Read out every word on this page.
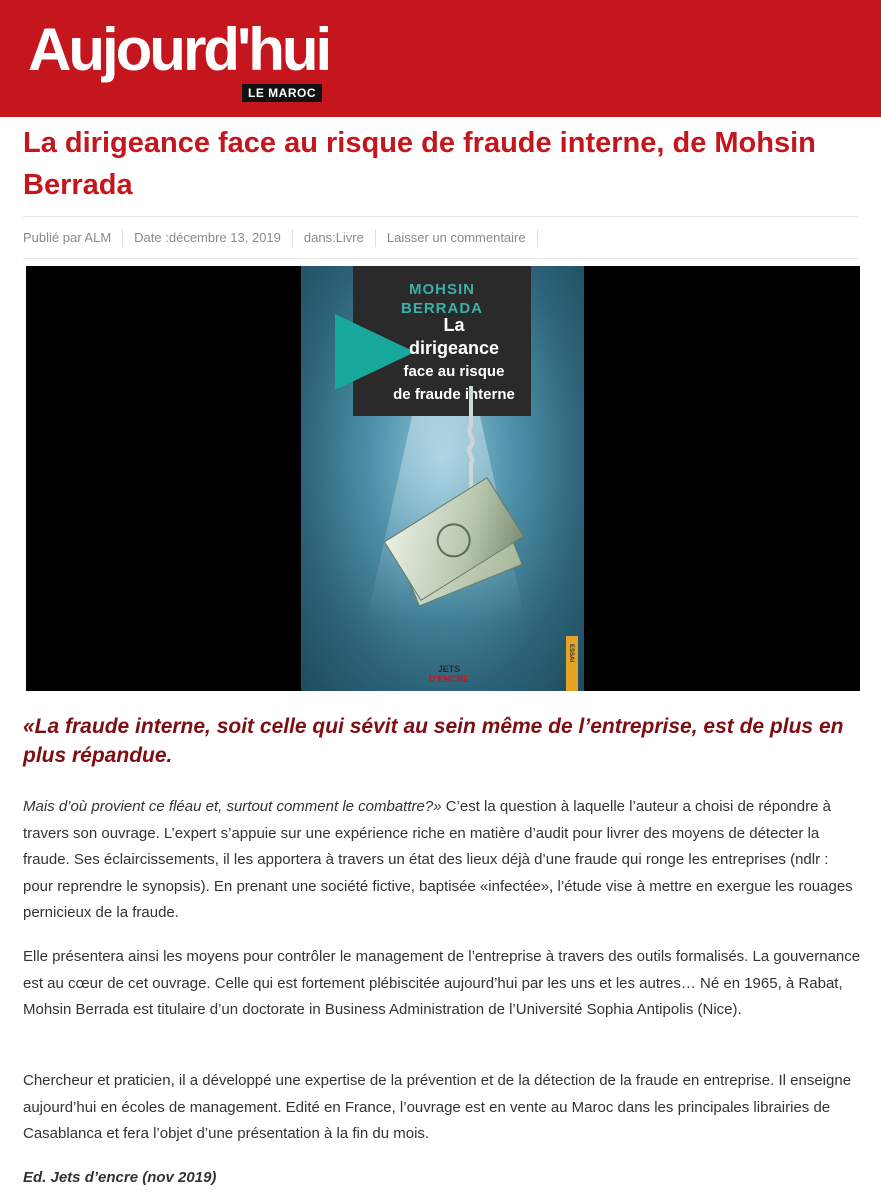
Aujourd'hui
LE MAROC
La dirigeance face au risque de fraude interne, de Mohsin Berrada
Publié par ALM	Date :décembre 13, 2019	dans:Livre	Laisser un commentaire
MOHSIN
BERRADA
La
dirigeance
face au risque
de fraude interne
ESSAI
JETS
D'ENCRE

«La fraude interne, soit celle qui sévit au sein même de l’entreprise, est de plus en plus répandue.

Mais d’où provient ce fléau et, surtout comment le combattre?» C’est la question à laquelle l’auteur a choisi de répondre à travers son ouvrage. L’expert s’appuie sur une expérience riche en matière d’audit pour livrer des moyens de détecter la fraude. Ses éclaircissements, il les apportera à travers un état des lieux déjà d’une fraude qui ronge les entreprises (ndlr : pour reprendre le synopsis). En prenant une société fictive, baptisée «infectée», l’étude vise à mettre en exergue les rouages pernicieux de la fraude.

Elle présentera ainsi les moyens pour contrôler le management de l’entreprise à travers des outils formalisés. La gouvernance est au cœur de cet ouvrage. Celle qui est fortement plébiscitée aujourd’hui par les uns et les autres… Né en 1965, à Rabat, Mohsin Berrada est titulaire d’un doctorate in Business Administration de l’Université Sophia Antipolis (Nice).

Chercheur et praticien, il a développé une expertise de la prévention et de la détection de la fraude en entreprise. Il enseigne aujourd’hui en écoles de management. Edité en France, l’ouvrage est en vente au Maroc dans les principales librairies de Casablanca et fera l’objet d’une présentation à la fin du mois.

Ed. Jets d’encre (nov 2019)
